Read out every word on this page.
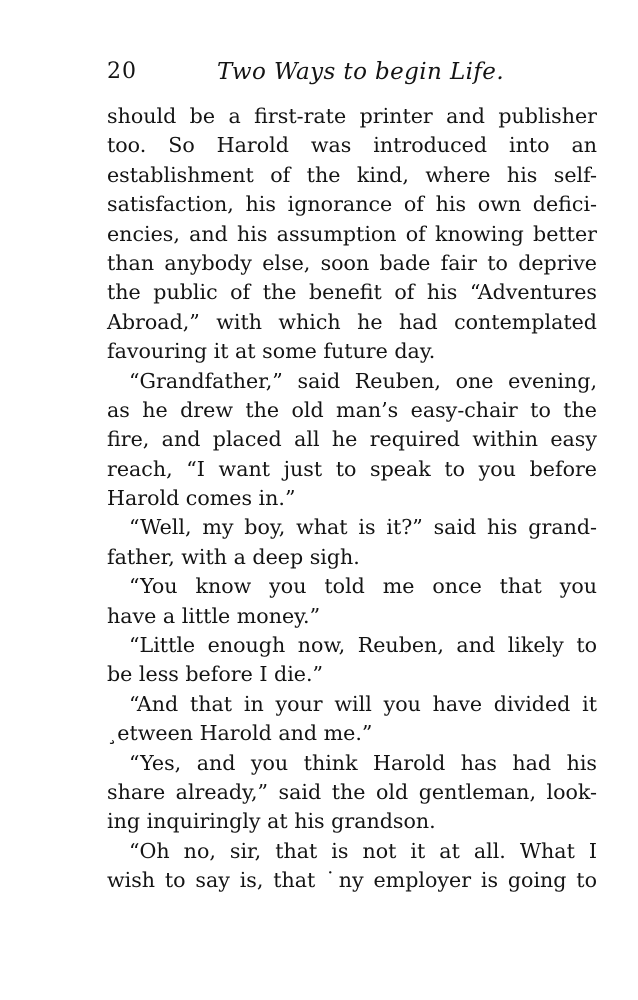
20	Two Ways to begin Life.
should be a first-rate printer and publisher
too. So Harold was introduced into an
establishment of the kind, where his self-
satisfaction, his ignorance of his own defici-
encies, and his assumption of knowing better
than anybody else, soon bade fair to deprive
the public of the benefit of his “Adventures
Abroad,” with which he had contemplated
favouring it at some future day.
“Grandfather,” said Reuben, one evening,
as he drew the old man’s easy-chair to the
fire, and placed all he required within easy
reach, “I want just to speak to you before
Harold comes in.”
“Well, my boy, what is it?” said his grand-
father, with a deep sigh.
“You know you told me once that you
have a little money.”
“Little enough now, Reuben, and likely to
be less before I die.”
“And that in your will you have divided it
¸etween Harold and me.”
“Yes, and you think Harold has had his
share already,” said the old gentleman, look-
ing inquiringly at his grandson.
“Oh no, sir, that is not it at all. What I
wish to say is, that ˙ny employer is going to
